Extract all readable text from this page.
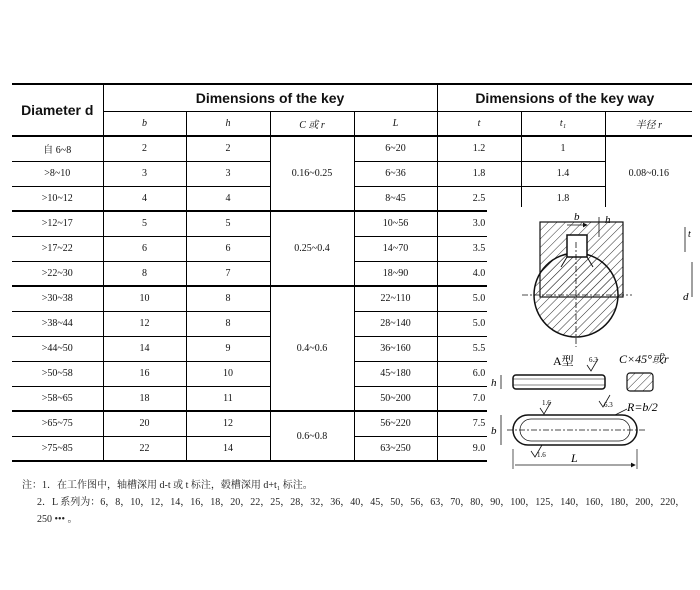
Diameter d	Dimensions of the key				Dimensions of the key way		
	b	h	C 或 r	L	t	t₁	半径 r
自 6~8	2	2	0.16~0.25	6~20	1.2	1	0.08~0.16
>8~10	3	3		6~36	1.8	1.4	
>10~12	4	4		8~45	2.5	1.8	
>12~17	5	5	0.25~0.4	10~56	3.0		
>17~22	6	6		14~70	3.5		
>22~30	8	7		18~90	4.0		
>30~38	10	8	0.4~0.6	22~110	5.0		
>38~44	12	8		28~140	5.0		
>44~50	14	9		36~160	5.5		
>50~58	16	10		45~180	6.0		
>58~65	18	11		50~200	7.0		
>65~75	20	12	0.6~0.8	56~220	7.5		
>75~85	22	14		63~250	9.0		
注：1．在工作图中，轴槽深用 d-t 或 t 标注，毂槽深用 d+t₁ 标注。
2．L 系列为：6，8，10，12，14，16，18，20，22，25，28，32，36，40，45，50，56，63，70，80，90，100，125，140，160，180，200，220，250 ••• 。
b h
t
d
A型 6.3 C×45°或r
h
1.6	6.3 R=b/2
b
1.6 L
